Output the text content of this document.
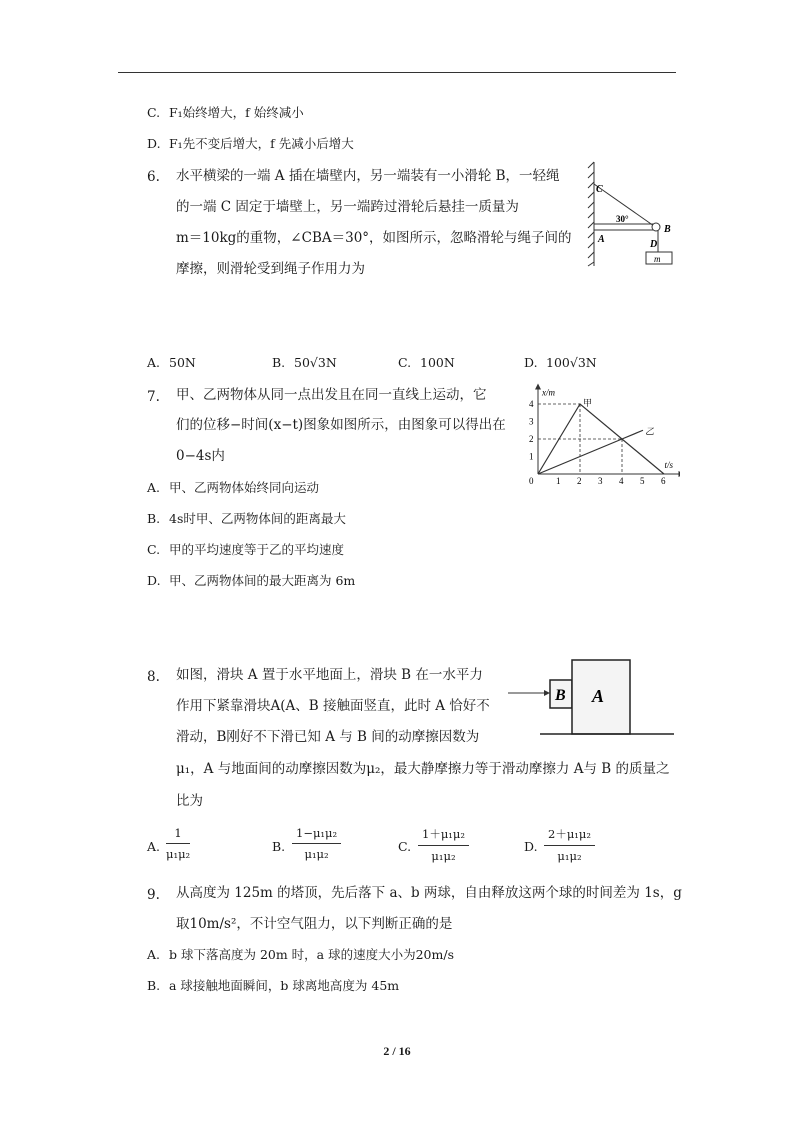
C. F₁始终增大，f 始终减小
D. F₁先不变后增大，f 先减小后增大
6. 水平横梁的一端 A 插在墙壁内，另一端装有一小滑轮 B，一轻绳
的一端 C 固定于墙壁上，另一端跨过滑轮后悬挂一质量为
m＝10kg的重物，∠CBA＝30°，如图所示，忽略滑轮与绳子间的
摩擦，则滑轮受到绳子作用力为
C
30°
B
A	D
m
A. 50N	B. 50√3N	C. 100N	D. 100√3N
7. 甲、乙两物体从同一点出发且在同一直线上运动，它
们的位移−时间(x−t)图象如图所示，由图象可以得出在
0−4s内
0	2 3 4 5 6
1
2
3
4
x/m
t/s
1
甲
乙
A. 甲、乙两物体始终同向运动
B. 4s时甲、乙两物体间的距离最大
C. 甲的平均速度等于乙的平均速度
D. 甲、乙两物体间的最大距离为 6m
8. 如图，滑块 A 置于水平地面上，滑块 B 在一水平力
作用下紧靠滑块A(A、B 接触面竖直，此时 A 恰好不
滑动，B刚好不下滑已知 A 与 B 间的动摩擦因数为
μ₁，A 与地面间的动摩擦因数为μ₂，最大静摩擦力等于滑动摩擦力 A与 B 的质量之
比为
B A
A.
1
μ₁μ₂	B.
1−μ₁μ₂
μ₁μ₂	C.
1＋μ₁μ₂
μ₁μ₂
D.
2＋μ₁μ₂
μ₁μ₂
9. 从高度为 125m 的塔顶，先后落下 a、b 两球，自由释放这两个球的时间差为 1s，g
取10m/s²，不计空气阻力，以下判断正确的是
A. b 球下落高度为 20m 时，a 球的速度大小为20m/s
B. a 球接触地面瞬间，b 球离地高度为 45m
2 / 16
